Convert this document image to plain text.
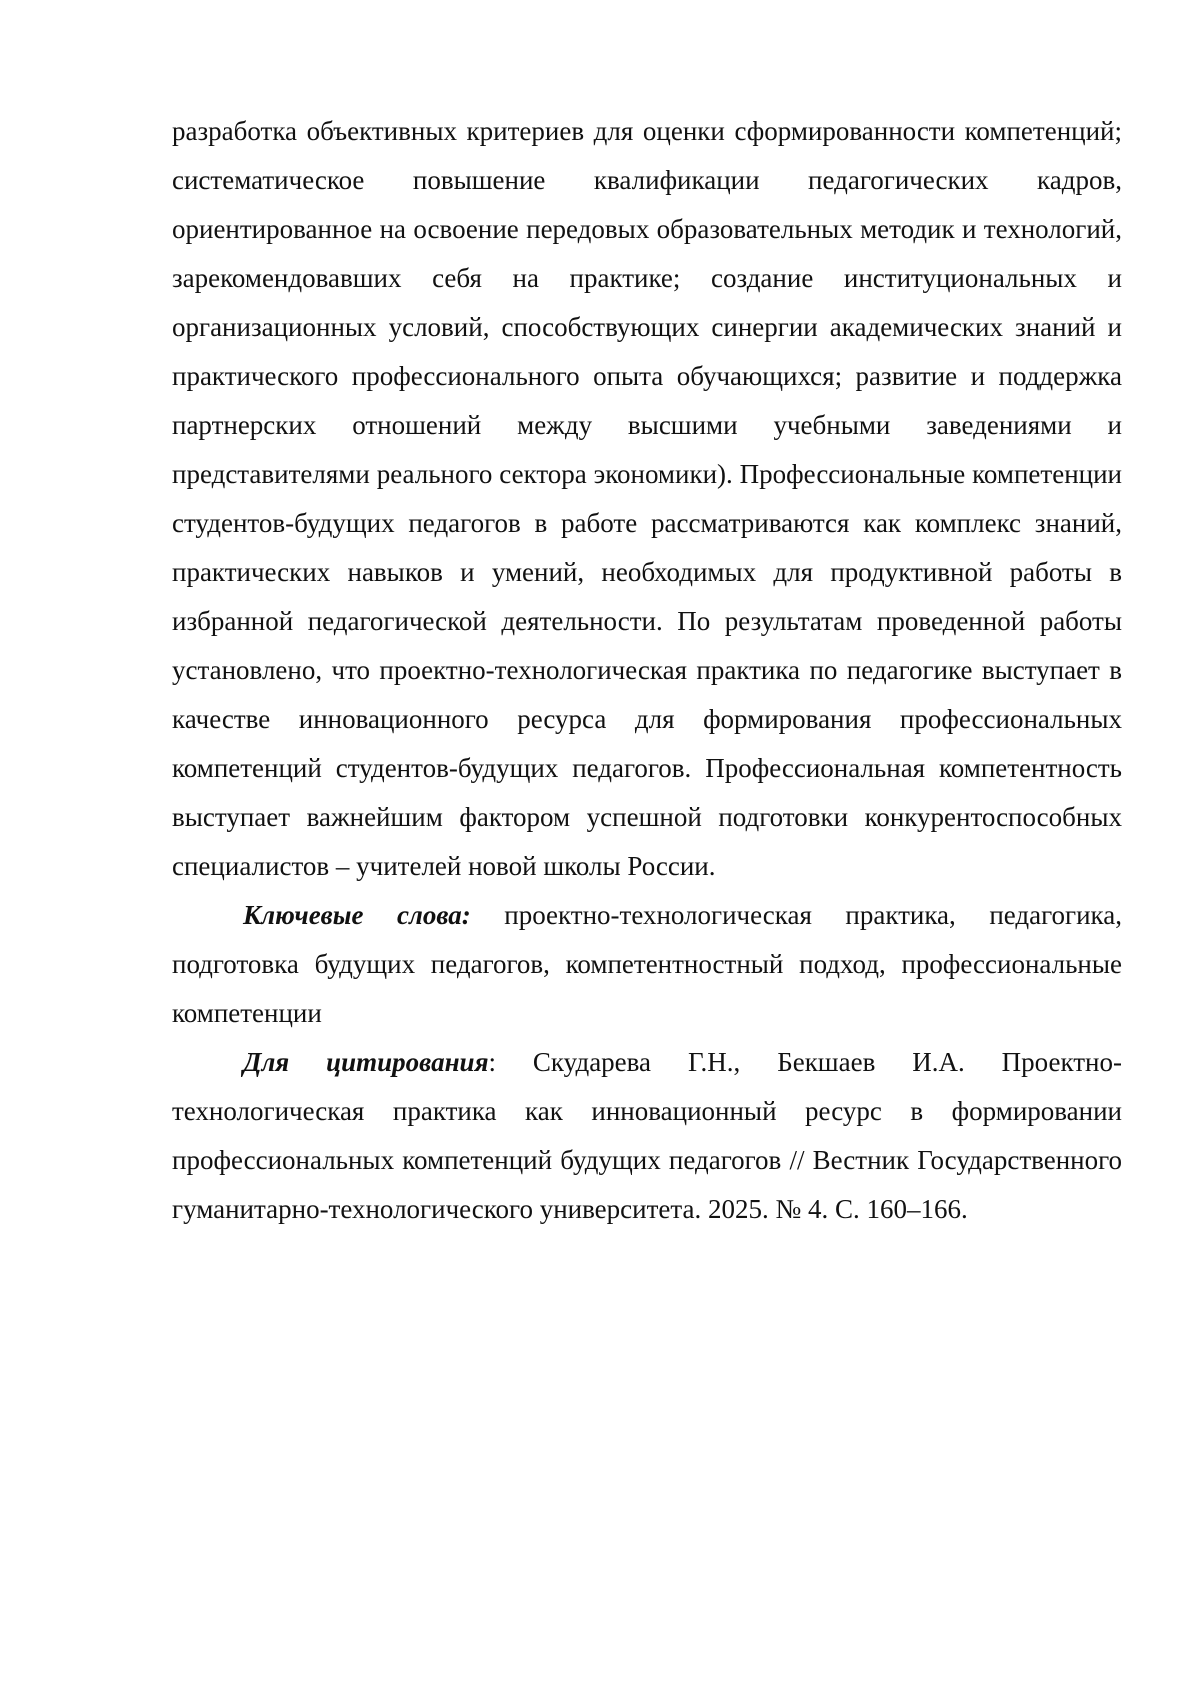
разработка объективных критериев для оценки сформированности компетенций; систематическое повышение квалификации педагогических кадров, ориентированное на освоение передовых образовательных методик и технологий, зарекомендовавших себя на практике; создание институциональных и организационных условий, способствующих синергии академических знаний и практического профессионального опыта обучающихся; развитие и поддержка партнерских отношений между высшими учебными заведениями и представителями реального сектора экономики). Профессиональные компетенции студентов-будущих педагогов в работе рассматриваются как комплекс знаний, практических навыков и умений, необходимых для продуктивной работы в избранной педагогической деятельности. По результатам проведенной работы установлено, что проектно-технологическая практика по педагогике выступает в качестве инновационного ресурса для формирования профессиональных компетенций студентов-будущих педагогов. Профессиональная компетентность выступает важнейшим фактором успешной подготовки конкурентоспособных специалистов – учителей новой школы России.

Ключевые слова: проектно-технологическая практика, педагогика, подготовка будущих педагогов, компетентностный подход, профессиональные компетенции

Для цитирования: Скударева Г.Н., Бекшаев И.А. Проектно-технологическая практика как инновационный ресурс в формировании профессиональных компетенций будущих педагогов // Вестник Государственного гуманитарно-технологического университета. 2025. № 4. С. 160–166.
